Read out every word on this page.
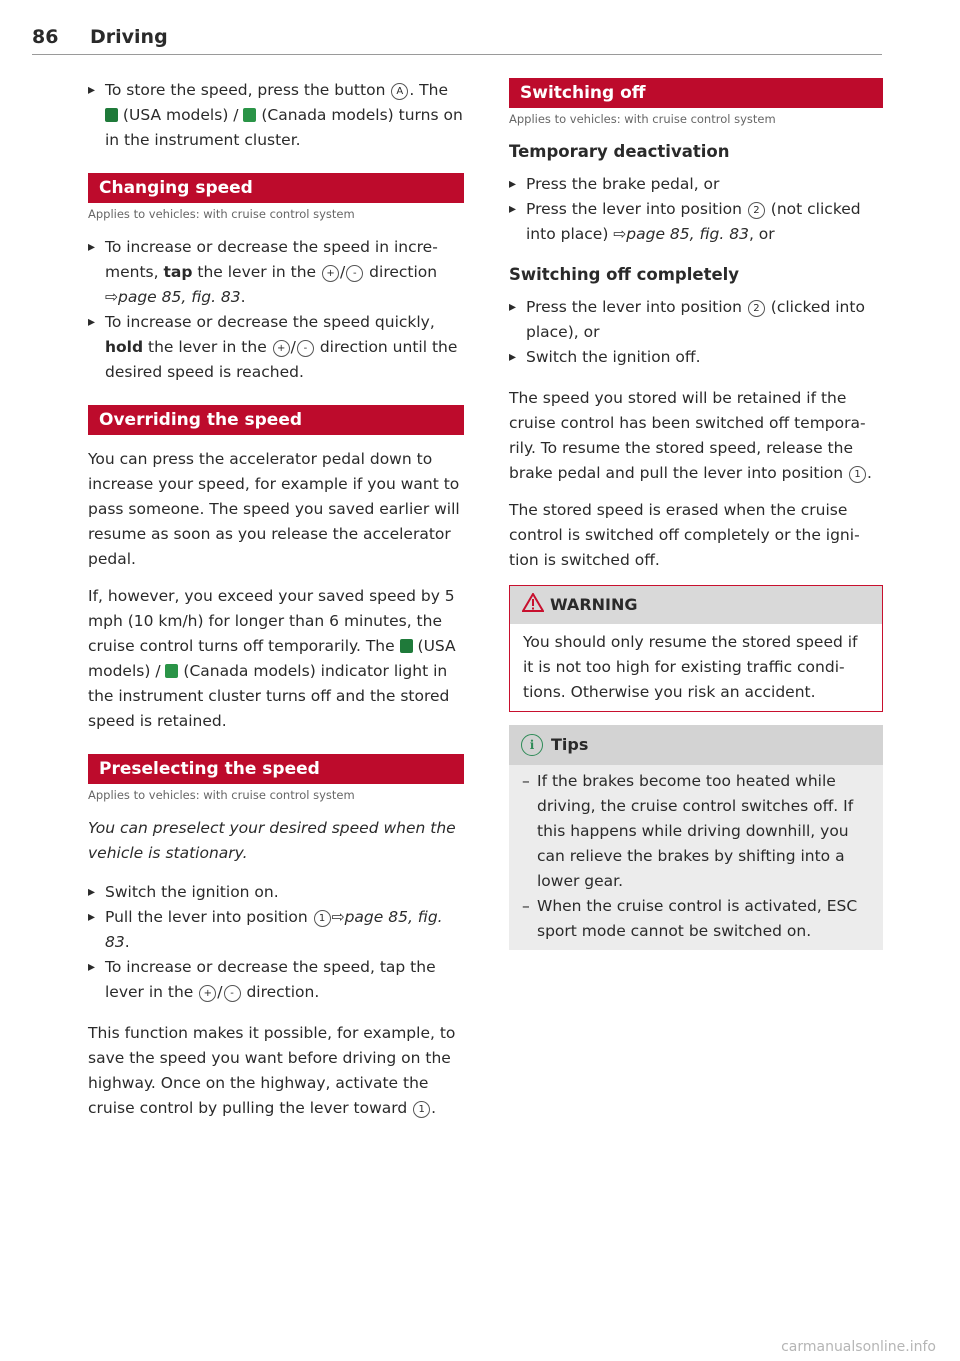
86 Driving
▸ To store the speed, press the button A . The  (USA models) /  (Canada models) turns on in the instrument cluster.
Changing speed
Applies to vehicles: with cruise control system
▸ To increase or decrease the speed in increments, tap the lever in the + / - direction ⇨page 85, fig. 83.
▸ To increase or decrease the speed quickly, hold the lever in the + / - direction until the desired speed is reached.
Overriding the speed

You can press the accelerator pedal down to increase your speed, for example if you want to pass someone. The speed you saved earlier will resume as soon as you release the accelerator pedal.

If, however, you exceed your saved speed by 5 mph (10 km/h) for longer than 6 minutes, the cruise control turns off temporarily. The  (USA models) /  (Canada models) indicator light in the instrument cluster turns off and the stored speed is retained.

Preselecting the speed
Applies to vehicles: with cruise control system

You can preselect your desired speed when the vehicle is stationary.

▸ Switch the ignition on.
▸ Pull the lever into position 1 ⇨page 85, fig. 83.
▸ To increase or decrease the speed, tap the lever in the + / - direction.

This function makes it possible, for example, to save the speed you want before driving on the highway. Once on the highway, activate the cruise control by pulling the lever toward 1 .

Switching off
Applies to vehicles: with cruise control system
Temporary deactivation
▸ Press the brake pedal, or
▸ Press the lever into position 2 (not clicked into place) ⇨page 85, fig. 83, or
Switching off completely
▸ Press the lever into position 2 (clicked into place), or
▸ Switch the ignition off.

The speed you stored will be retained if the cruise control has been switched off temporarily. To resume the stored speed, release the brake pedal and pull the lever into position 1 .

The stored speed is erased when the cruise control is switched off completely or the ignition is switched off.

WARNING

You should only resume the stored speed if it is not too high for existing traffic conditions. Otherwise you risk an accident.

i Tips
– If the brakes become too heated while driving, the cruise control switches off. If this happens while driving downhill, you can relieve the brakes by shifting into a lower gear.
– When the cruise control is activated, ESC sport mode cannot be switched on.
carmanualsonline.info
